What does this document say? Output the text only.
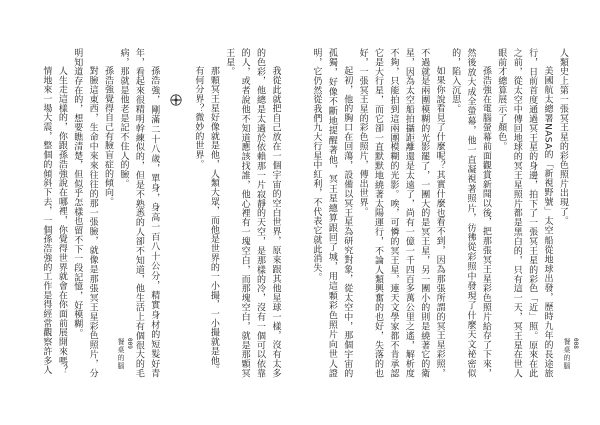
人類史上第一張冥王星的彩色照片出現了。

美國航太總署NASA的「新視野號」太空船從地球出發，歷時九年的長途旅行，日前首度通過冥王星的身邊，拍下了一張冥王星的彩色「近」照。原來在此之前，從太空中傳回地球的冥王星照片都是黑白的，只有這一天，冥王星在世人眼前才總算展示了顏色。

孫浩強在電腦螢幕前面觀賞新聞以後，把那張冥王星彩色照片給存了下來，然後放大成全螢幕，他一直凝視著照片，彷彿從彩照中發現了什麼天文祕密似的，陷入沉思。

如果你說看見了什麼呢？其實什麼也看不到，因為那張所謂的冥王星彩照，不過就是兩團模糊的光影罷了，一團大的是冥王星，另一團小的則是繞著它的衛星，因為太空船拍攝距離還是太遠了，尚有一億一千四百多萬公里之遙，解析度不夠，只能拍到這兩團模糊的光影。唉，可憐的冥王星，連天文學家都不肯承認它是大行星，而它卻一直默默地繞著太陽運行，不論人類興奮的也好，失落的也好，一張冥王星的彩色照片，傳出世界。

起初，他的胸口在回蕩，設備以冥王星為研究對象，從太空中，那個宇宙的孤獨，好像不斷地提醒著他，冥王星總算跟回了城，用這顆彩色照片向世人證明，它仍然從我們九大行星中紅利，不代表它就此消失。

我從此就把自己放在一個宇宙的空白世界，原來跟其他星球一樣，沒有太多的色彩，他總是太過於依賴那一片寂靜的天空，是那樣的冷，沒有一個可以依靠的人，或者說他不知道應該找誰，他心裡有一塊空白，而那塊空白，就是那顆冥王星。

那顆冥王星好像就是他，人類大眾，而他是世界的一小撮，一小撮就是他。

有何分界？微妙的世界。

孫浩強，剛滿二十八歲，單身，身高一百八十公分，精實身材的短髮好青年，看起來很精明幹練似的，但是不熟悉的人卻不知道，他生活上有個很大的毛病，那就是他老是記不住人的臉。

孫浩強覺得自己有臉盲症的傾向。

對臉這東西，生命中來來往往的那一張臉，就像是那張冥王星彩色照片，分明知道存在的，想要瞧清楚，但似乎怎樣也留不下一段記憶，好模糊。

人生走這樣的，你跟孫浩強說在哪裡，你覺得世界就會在你面前展開來嗎？

情地來一場大震，整個的傾斜下去，一個孫浩強的工作是得經常觀察許多人	餐桌的腦 008
餐桌的腦 009
